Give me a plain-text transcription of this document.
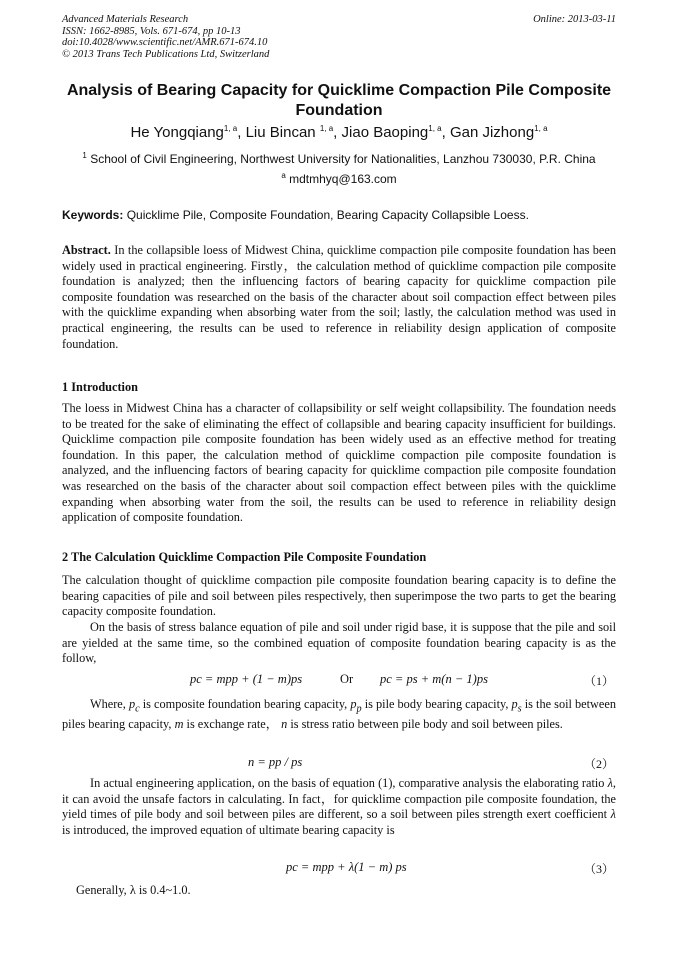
Advanced Materials Research
ISSN: 1662-8985, Vols. 671-674, pp 10-13
doi:10.4028/www.scientific.net/AMR.671-674.10
© 2013 Trans Tech Publications Ltd, Switzerland
Online: 2013-03-11
Analysis of Bearing Capacity for Quicklime Compaction Pile Composite Foundation
He Yongqiang$^{1, a}$, Liu Bincan $^{1, a}$, Jiao Baoping$^{1, a}$, Gan Jizhong$^{1, a}$
$^1$ School of Civil Engineering, Northwest University for Nationalities, Lanzhou 730030, P.R. China
$^a$ mdtmhyq@163.com
Keywords: Quicklime Pile, Composite Foundation, Bearing Capacity Collapsible Loess.
Abstract. In the collapsible loess of Midwest China, quicklime compaction pile composite foundation has been widely used in practical engineering. Firstly，the calculation method of quicklime compaction pile composite foundation is analyzed; then the influencing factors of bearing capacity for quicklime compaction pile composite foundation was researched on the basis of the character about soil compaction effect between piles with the quicklime expanding when absorbing water from the soil; lastly, the calculation method was used in practical engineering, the results can be used to reference in reliability design application of composite foundation.
1 Introduction
The loess in Midwest China has a character of collapsibility or self weight collapsibility. The foundation needs to be treated for the sake of eliminating the effect of collapsible and bearing capacity insufficient for buildings. Quicklime compaction pile composite foundation has been widely used as an effective method for treating foundation. In this paper, the calculation method of quicklime compaction pile composite foundation is analyzed, and the influencing factors of bearing capacity for quicklime compaction pile composite foundation was researched on the basis of the character about soil compaction effect between piles with the quicklime expanding when absorbing water from the soil, the results can be used to reference in reliability design application of composite foundation.
2 The Calculation Quicklime Compaction Pile Composite Foundation
The calculation thought of quicklime compaction pile composite foundation bearing capacity is to define the bearing capacities of pile and soil between piles respectively, then superimpose the two parts to get the bearing capacity composite foundation.
On the basis of stress balance equation of pile and soil under rigid base, it is suppose that the pile and soil are yielded at the same time, so the combined equation of composite foundation bearing capacity is as the follow,
pc = mpp + (1 − m)ps	Or pc = ps + m(n − 1)ps	（1）
Where, $p_c$ is composite foundation bearing capacity, $p_p$ is pile body bearing capacity, $p_s$ is the soil between piles bearing capacity, m is exchange rate， n is stress ratio between pile body and soil between piles.
n = pp / ps	（2）
In actual engineering application, on the basis of equation (1), comparative analysis the elaborating ratio λ, it can avoid the unsafe factors in calculating. In fact，for quicklime compaction pile composite foundation, the yield times of pile body and soil between piles are different, so a soil between piles strength exert coefficient λ is introduced, the improved equation of ultimate bearing capacity is
pc = mpp + λ(1 − m) ps	（3）
Generally, λ is 0.4~1.0.
